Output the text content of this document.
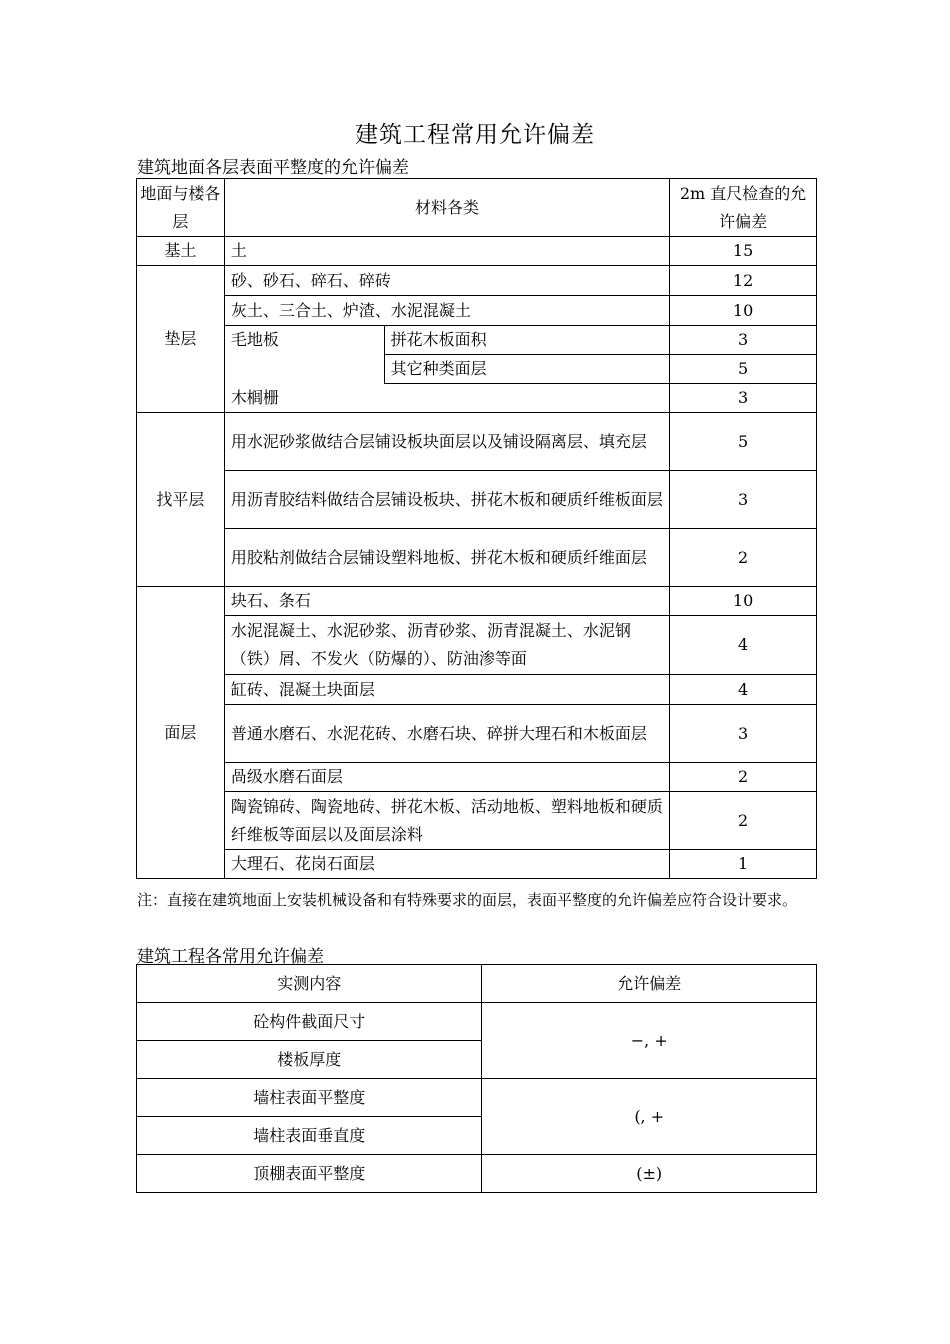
建筑工程常用允许偏差
建筑地面各层表面平整度的允许偏差
地面与楼各层	材料各类		2m 直尺检查的允许偏差
基土	土		15
垫层	砂、砂石、碎石、碎砖		12
	灰土、三合土、炉渣、水泥混凝土		10
	毛地板	拼花木板面积	3
		其它种类面层	5
	木榈栅		3

找平层	用水泥砂浆做结合层铺设板块面层以及铺设隔离层、填充层		5
	用沥青胶结料做结合层铺设板块、拼花木板和硬质纤维板面层		3
	用胶粘剂做结合层铺设塑料地板、拼花木板和硬质纤维面层		2
面层	块石、条石		10
	水泥混凝土、水泥砂浆、沥青砂浆、沥青混凝土、水泥钢（铁）屑、不发火（防爆的）、防油渗等面		4
	缸砖、混凝土块面层		4
	普通水磨石、水泥花砖、水磨石块、碎拼大理石和木板面层		3
	咼级水磨石面层		2
	陶瓷锦砖、陶瓷地砖、拼花木板、活动地板、塑料地板和硬质纤维板等面层以及面层涂料		2
	大理石、花岗石面层		1
注：直接在建筑地面上安装机械设备和有特殊要求的面层，表面平整度的允许偏差应符合设计要求。
建筑工程各常用允许偏差
实测内容	允许偏差
砼构件截面尺寸	−, +
楼板厚度	
墙柱表面平整度	(, +
墙柱表面垂直度	
顶棚表面平整度	(±)
